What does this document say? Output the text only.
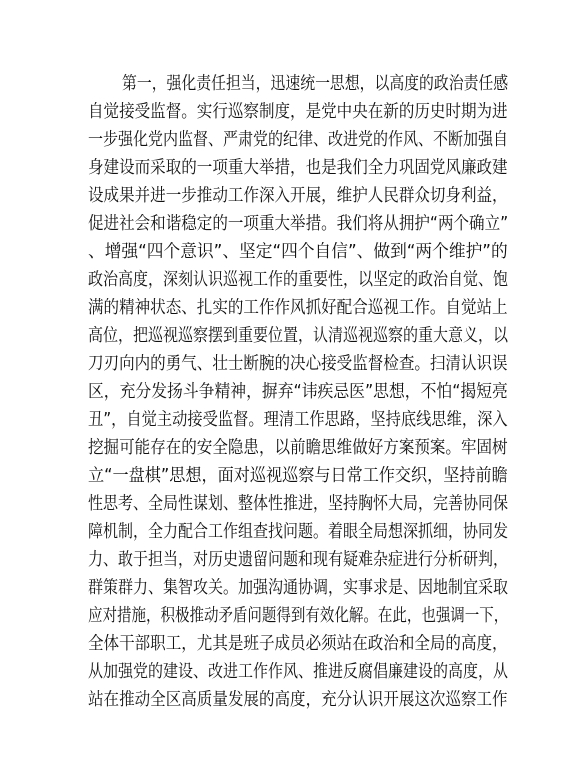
第一，强化责任担当，迅速统一思想，以高度的政治责任感
自觉接受监督。实行巡察制度，是党中央在新的历史时期为进
一步强化党内监督、严肃党的纪律、改进党的作风、不断加强自
身建设而采取的一项重大举措，也是我们全力巩固党风廉政建
设成果并进一步推动工作深入开展，维护人民群众切身利益，
促进社会和谐稳定的一项重大举措。我们将从拥护“两个确立”
、增强“四个意识”、坚定“四个自信”、做到“两个维护”的
政治高度，深刻认识巡视工作的重要性，以坚定的政治自觉、饱
满的精神状态、扎实的工作作风抓好配合巡视工作。自觉站上
高位，把巡视巡察摆到重要位置，认清巡视巡察的重大意义，以
刀刃向内的勇气、壮士断腕的决心接受监督检查。扫清认识误
区，充分发扬斗争精神，摒弃“讳疾忌医”思想，不怕“揭短亮
丑”，自觉主动接受监督。理清工作思路，坚持底线思维，深入
挖掘可能存在的安全隐患，以前瞻思维做好方案预案。牢固树
立“一盘棋”思想，面对巡视巡察与日常工作交织，坚持前瞻
性思考、全局性谋划、整体性推进，坚持胸怀大局，完善协同保
障机制，全力配合工作组查找问题。着眼全局想深抓细，协同发
力、敢于担当，对历史遗留问题和现有疑难杂症进行分析研判，
群策群力、集智攻关。加强沟通协调，实事求是、因地制宜采取
应对措施，积极推动矛盾问题得到有效化解。在此，也强调一下，
全体干部职工，尤其是班子成员必须站在政治和全局的高度，
从加强党的建设、改进工作作风、推进反腐倡廉建设的高度，从
站在推动全区高质量发展的高度，充分认识开展这次巡察工作
